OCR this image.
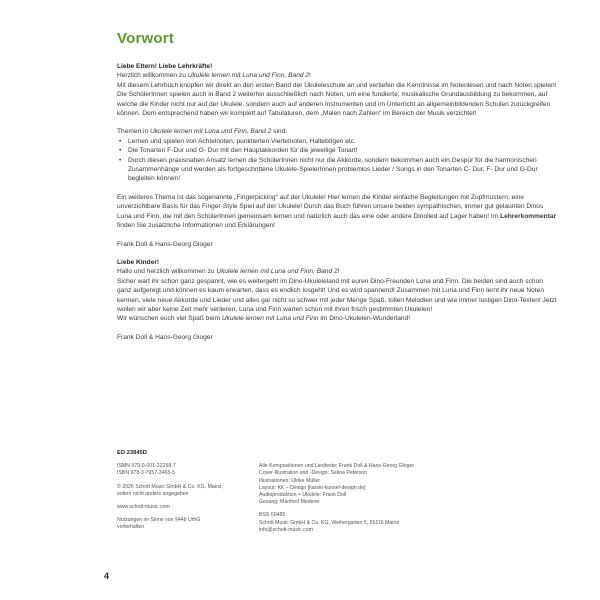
Vorwort

Liebe Eltern! Liebe Lehrkräfte!

Herzlich willkommen zu Ukulele lernen mit Luna und Finn, Band 2!

Mit diesem Lehrbuch knüpfen wir direkt an den ersten Band der Ukuleleschule an und vertiefen die Kenntnisse im Notenlesen und nach Noten spielen! Die SchülerInnen spielen auch in Band 2 weiterhin ausschließlich nach Noten, um eine fundierte, musikalische Grundausbildung zu bekommen, auf welche die Kinder nicht nur auf der Ukulele, sondern auch auf anderen Instrumenten und im Unterricht an allgemeinbildenden Schulen zurückgreifen können. Dem entsprechend haben wir komplett auf Tabulaturen, dem „Malen nach Zahlen“ im Bereich der Musik verzichtet!

Themen in Ukulele lernen mit Luna und Finn, Band 2 sind:

• Lernen und spielen von Achtelnoten, punktierten Viertelnoten, Haltebögen etc.
• Die Tonarten F-Dur und G- Dur mit den Hauptakkorden für die jeweilige Tonart!
• Durch diesen praxisnahen Ansatz lernen die SchülerInnen nicht nur die Akkorde, sondern bekommen auch ein Gespür für die harmonischen Zusammenhänge und werden als fortgeschrittene Ukulele-SpielerInnen problemlos Lieder / Songs in den Tonarten C- Dur, F- Dur und G-Dur begleiten können!

Ein weiteres Thema ist das sogenannte „Fingerpicking“ auf der Ukulele! Hier lernen die Kinder einfache Begleitungen mit Zupfmustern, eine unverzichtbare Basis für das Finger-Style Spiel auf der Ukulele! Durch das Buch führen unsere beiden sympathischen, immer gut gelaunten Dinos Luna und Finn, die mit den SchülerInnen gemeinsam lernen und natürlich auch das eine oder andere Dinolied auf Lager haben! Im Lehrerkommentar finden Sie zusätzliche Informationen und Erklärungen!

Frank Doll & Hans-Georg Gloger

Liebe Kinder!

Hallo und herzlich willkommen zu Ukulele lernen mit Luna und Finn, Band 2!

Sicher wart ihr schon ganz gespannt, wie es weitergeht im Dino-Ukuleleland mit euren Dino-Freunden Luna und Finn. Die beiden sind auch schon ganz aufgeregt und können es kaum erwarten, dass es endlich losgeht! Und es wird spannend! Zusammen mit Luna und Finn lernt ihr neue Noten kennen, viele neue Akkorde und Lieder und alles gar nicht so schwer mit jeder Menge Spaß, tollen Melodien und wie immer lustigen Dino-Texten! Jetzt wollen wir aber keine Zeit mehr verlieren, Luna und Finn warten schon mit ihren frisch gestimmten Ukulelen!

Wir wünschen euch viel Spaß beim Ukulele lernen mit Luna und Finn im Dino-Ukulelen-Wunderland!

Frank Doll & Hans-Georg Gloger

ED 23845D

ISMN 979-0-001-22258-7

ISBN 978-3-7957-3465-5

© 2026 Schott Music GmbH & Co. KG, Mainz,

sofern nicht anders angegeben

www.schott-music.com

Nutzungen im Sinne von §44b UrhG

vorbehalten

Alle Kompositionen und Liedtexte: Frank Doll & Hans-Georg Gloger

Cover-Illustration und -Design: Selina Peterson

Illustrationen: Ulrike Müller

Layout: KK – Design [karsin-kunsel-design.de]

Audioproduktion + Ukulele: Frank Doll

Gesang: Manfred Mederer

BSS 60485

Schott Music GmbH & Co. KG, Weihergarten 5, 55116 Mainz

info@schott-music.com

4
